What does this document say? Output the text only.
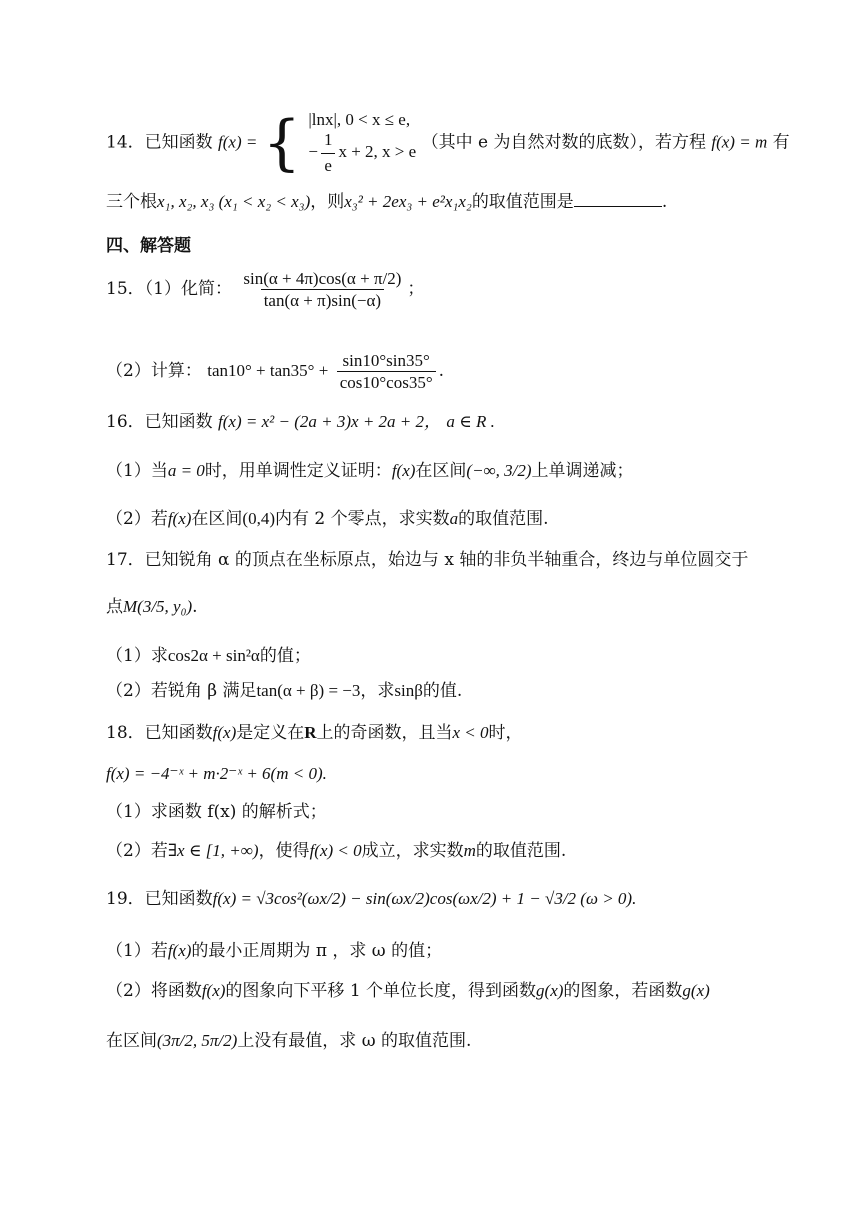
14．已知函数 f(x) = { |lnx|, 0 < x ≤ e,
− $\frac{1}{e}$ x + 2, x > e （其中 e 为自然对数的底数），若方程 f(x) = m 有
三个根x₁, x₂, x₃ (x₁ < x₂ < x₃)，则x₃² + 2ex₃ + e²x₁x₂的取值范围是	.
四、解答题
15．（1）化简： $\frac{\sin(\alpha + 4\pi)\cos(\alpha + \pi/2)}{\tan(\alpha + \pi)\sin(-\alpha)}$ ；
（2）计算： $\tan 10^\circ + \tan 35^\circ + \frac{\sin 10^\circ\sin 35^\circ}{\cos 10^\circ\cos 35^\circ}$ .
16．已知函数 f(x) = x² − (2a + 3)x + 2a + 2， a ∈ R .
（1）当a = 0时，用单调性定义证明：f(x)在区间(−∞, 3/2)上单调递减；
（2）若f(x)在区间(0,4)内有 2 个零点，求实数a的取值范围.
17．已知锐角 α 的顶点在坐标原点，始边与 x 轴的非负半轴重合，终边与单位圆交于
点M(3/5, y₀).
（1）求cos2α + sin²α的值；
（2）若锐角 β 满足tan(α + β) = −3，求sinβ的值.
18．已知函数f(x)是定义在R上的奇函数，且当x < 0时，
f(x) = −4⁻ˣ + m·2⁻ˣ + 6(m < 0).
（1）求函数 f(x) 的解析式；
（2）若∃x ∈ [1, +∞)，使得f(x) < 0成立，求实数m的取值范围.
19．已知函数f(x) = √3cos²(ωx/2) − sin(ωx/2)cos(ωx/2) + 1 − √3/2 (ω > 0).
（1）若f(x)的最小正周期为 π ，求 ω 的值；
（2）将函数f(x)的图象向下平移 1 个单位长度，得到函数g(x)的图象，若函数g(x)
在区间(3π/2, 5π/2)上没有最值，求 ω 的取值范围.
